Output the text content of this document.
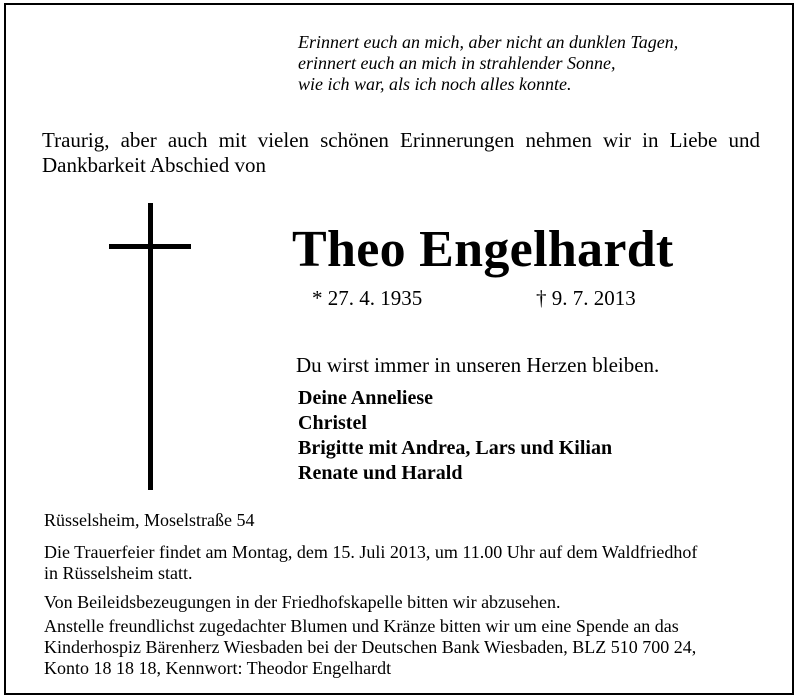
Erinnert euch an mich, aber nicht an dunklen Tagen,
erinnert euch an mich in strahlender Sonne,
wie ich war, als ich noch alles konnte.
Traurig, aber auch mit vielen schönen Erinnerungen nehmen wir in Liebe und
Dankbarkeit Abschied von
Theo Engelhardt
* 27. 4. 1935	† 9. 7. 2013
Du wirst immer in unseren Herzen bleiben.
Deine Anneliese
Christel
Brigitte mit Andrea, Lars und Kilian
Renate und Harald
Rüsselsheim, Moselstraße 54
Die Trauerfeier findet am Montag, dem 15. Juli 2013, um 11.00 Uhr auf dem Waldfriedhof
in Rüsselsheim statt.
Von Beileidsbezeugungen in der Friedhofskapelle bitten wir abzusehen.
Anstelle freundlichst zugedachter Blumen und Kränze bitten wir um eine Spende an das
Kinderhospiz Bärenherz Wiesbaden bei der Deutschen Bank Wiesbaden, BLZ 510 700 24,
Konto 18 18 18, Kennwort: Theodor Engelhardt
